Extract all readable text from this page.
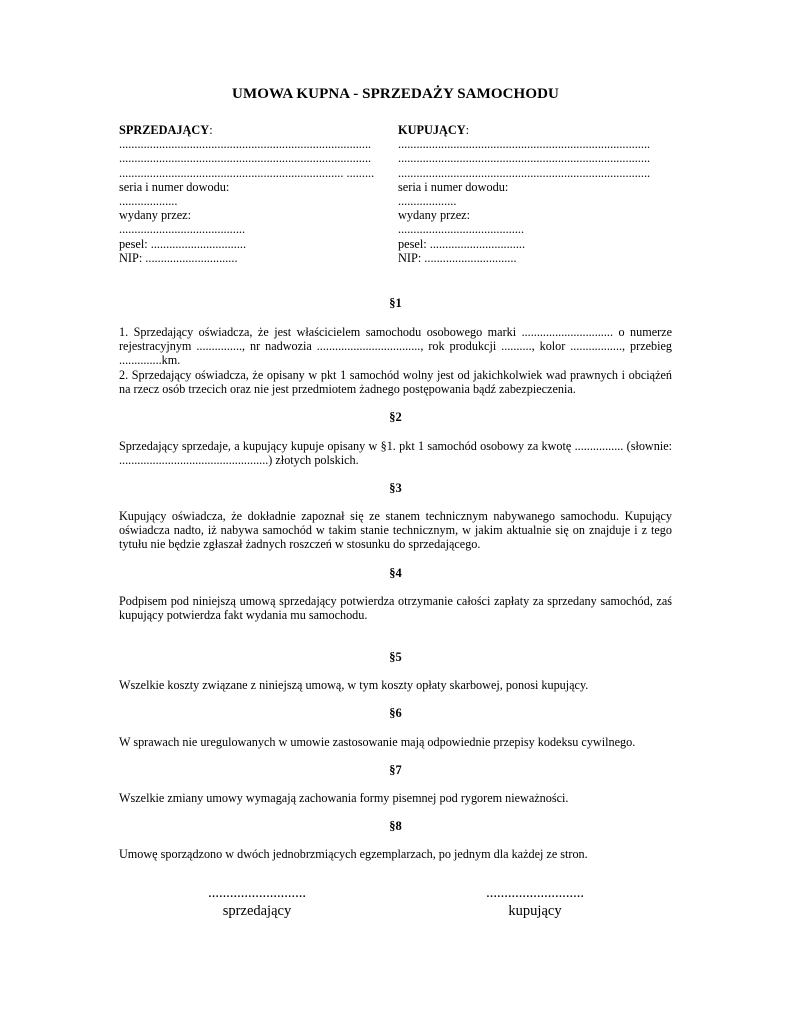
UMOWA KUPNA - SPRZEDAŻY SAMOCHODU
SPRZEDAJĄCY:
..................................................................................
..................................................................................
......................................................................... .........
seria i numer dowodu:
...................
wydany przez:
.........................................
pesel: ...............................
NIP: ..............................
KUPUJĄCY:
..................................................................................
..................................................................................
..................................................................................
seria i numer dowodu:
...................
wydany przez:
.........................................
pesel: ...............................
NIP: ..............................
§1

1. Sprzedający oświadcza, że jest właścicielem samochodu osobowego marki .............................. o numerze rejestracyjnym ..............., nr nadwozia .................................., rok produkcji .........., kolor ................., przebieg ..............km.

2. Sprzedający oświadcza, że opisany w pkt 1 samochód wolny jest od jakichkolwiek wad prawnych i obciążeń na rzecz osób trzecich oraz nie jest przedmiotem żadnego postępowania bądź zabezpieczenia.

§2

Sprzedający sprzedaje, a kupujący kupuje opisany w §1. pkt 1 samochód osobowy za kwotę ................ (słownie: .................................................) złotych polskich.

§3

Kupujący oświadcza, że dokładnie zapoznał się ze stanem technicznym nabywanego samochodu. Kupujący oświadcza nadto, iż nabywa samochód w takim stanie technicznym, w jakim aktualnie się on znajduje i z tego tytułu nie będzie zgłaszał żadnych roszczeń w stosunku do sprzedającego.

§4

Podpisem pod niniejszą umową sprzedający potwierdza otrzymanie całości zapłaty za sprzedany samochód, zaś kupujący potwierdza fakt wydania mu samochodu.

§5

Wszelkie koszty związane z niniejszą umową, w tym koszty opłaty skarbowej, ponosi kupujący.

§6

W sprawach nie uregulowanych w umowie zastosowanie mają odpowiednie przepisy kodeksu cywilnego.

§7

Wszelkie zmiany umowy wymagają zachowania formy pisemnej pod rygorem nieważności.

§8

Umowę sporządzono w dwóch jednobrzmiących egzemplarzach, po jednym dla każdej ze stron.

...........................
sprzedający
...........................
kupujący
